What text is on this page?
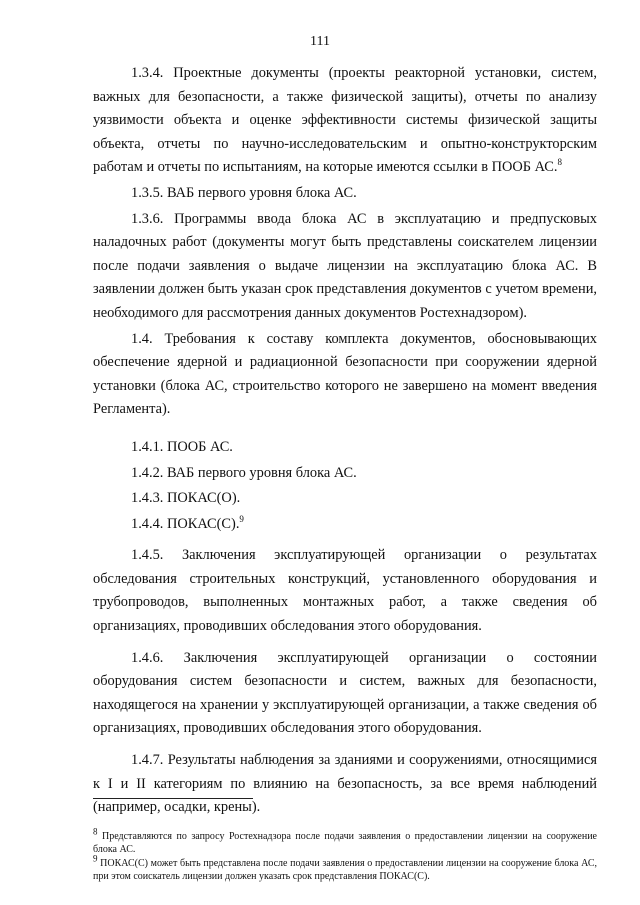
111

1.3.4. Проектные документы (проекты реакторной установки, систем, важных для безопасности, а также физической защиты), отчеты по анализу уязвимости объекта и оценке эффективности системы физической защиты объекта, отчеты по научно-исследовательским и опытно-конструкторским работам и отчеты по испытаниям, на которые имеются ссылки в ПООБ АС.$^8$

1.3.5. ВАБ первого уровня блока АС.

1.3.6. Программы ввода блока АС в эксплуатацию и предпусковых наладочных работ (документы могут быть представлены соискателем лицензии после подачи заявления о выдаче лицензии на эксплуатацию блока АС. В заявлении должен быть указан срок представления документов с учетом времени, необходимого для рассмотрения данных документов Ростехнадзором).

1.4. Требования к составу комплекта документов, обосновывающих обеспечение ядерной и радиационной безопасности при сооружении ядерной установки (блока АС, строительство которого не завершено на момент введения Регламента).

1.4.1. ПООБ АС.

1.4.2. ВАБ первого уровня блока АС.

1.4.3. ПОКАС(О).

1.4.4. ПОКАС(С).$^9$

1.4.5. Заключения эксплуатирующей организации о результатах обследования строительных конструкций, установленного оборудования и трубопроводов, выполненных монтажных работ, а также сведения об организациях, проводивших обследования этого оборудования.

1.4.6. Заключения эксплуатирующей организации о состоянии оборудования систем безопасности и систем, важных для безопасности, находящегося на хранении у эксплуатирующей организации, а также сведения об организациях, проводивших обследования этого оборудования.

1.4.7. Результаты наблюдения за зданиями и сооружениями, относящимися к I и II категориям по влиянию на безопасность, за все время наблюдений (например, осадки, крены).

$^8$ Представляются по запросу Ростехнадзора после подачи заявления о предоставлении лицензии на сооружение блока АС.

$^9$ ПОКАС(С) может быть представлена после подачи заявления о предоставлении лицензии на сооружение блока АС, при этом соискатель лицензии должен указать срок представления ПОКАС(С).
